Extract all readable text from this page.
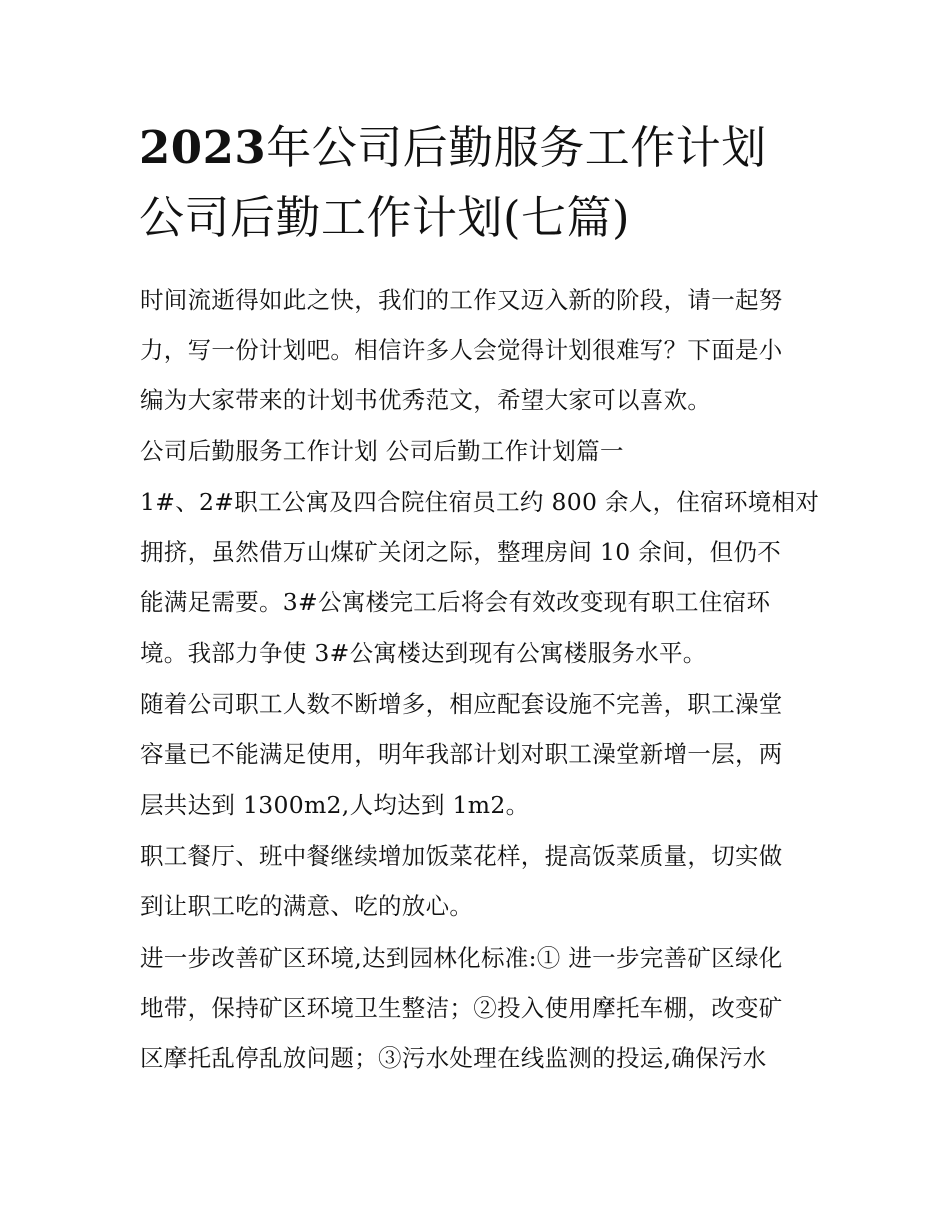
2023年公司后勤服务工作计划
公司后勤工作计划(七篇)

时间流逝得如此之快，我们的工作又迈入新的阶段，请一起努

力，写一份计划吧。相信许多人会觉得计划很难写？下面是小

编为大家带来的计划书优秀范文，希望大家可以喜欢。

公司后勤服务工作计划 公司后勤工作计划篇一

1#、2#职工公寓及四合院住宿员工约 800 余人，住宿环境相对

拥挤，虽然借万山煤矿关闭之际，整理房间 10 余间，但仍不

能满足需要。3#公寓楼完工后将会有效改变现有职工住宿环

境。我部力争使 3#公寓楼达到现有公寓楼服务水平。

随着公司职工人数不断增多，相应配套设施不完善，职工澡堂

容量已不能满足使用，明年我部计划对职工澡堂新增一层，两

层共达到 1300m2,人均达到 1m2。

职工餐厅、班中餐继续增加饭菜花样，提高饭菜质量，切实做

到让职工吃的满意、吃的放心。

进一步改善矿区环境,达到园林化标准:① 进一步完善矿区绿化

地带，保持矿区环境卫生整洁；②投入使用摩托车棚，改变矿

区摩托乱停乱放问题；③污水处理在线监测的投运,确保污水
